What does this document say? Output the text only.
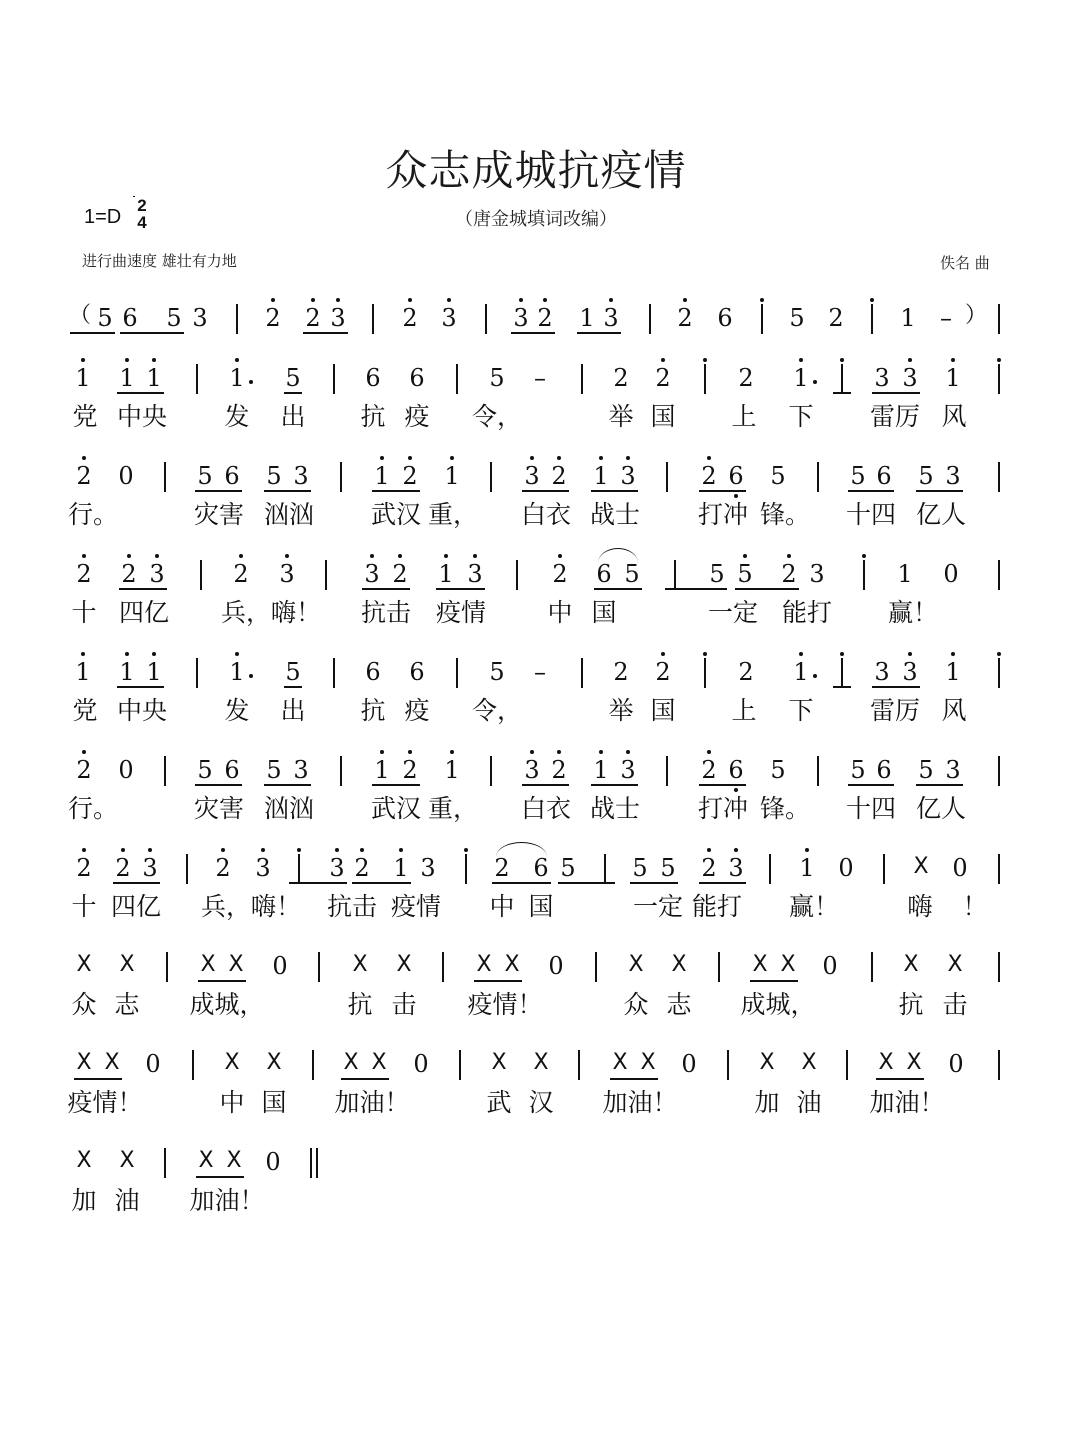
众志成城抗疫情
（唐金城填词改编）
1=D
2
4
进行曲速度 雄壮有力地	佚名 曲
（ 5 6 5 3 2 2 3 2 3 3 2 1 3 2 6 5 2 1 – ）
1 1 1	1 5	6 6	5 –	2 2	2 1	3 3 1
党 中央 发 出 抗 疫 令，	举 国 上 下 雷厉 风
2 0	5 6 5 3	1 2 1	3 2 1 3	2 6 5	5 6 5 3
行。	灾害 汹汹 武汉 重， 白衣 战士 打冲 锋。 十四 亿人
2 2 3	2 3	3 2 1 3	2 6 5	5 5 2 3	1 0
十 四亿 兵，嗨！ 抗击 疫情 中 国	一定 能打 赢！
1 1 1	1 5	6 6	5 –	2 2	2 1	3 3 1
党 中央 发 出 抗 疫 令，	举 国 上 下 雷厉 风
2 0	5 6 5 3	1 2 1	3 2 1 3	2 6 5	5 6 5 3
行。	灾害 汹汹 武汉 重， 白衣 战士 打冲 锋。 十四 亿人
2 2 3 2 3 3 2 1 3 2 6 5 5 5 2 3 1 0	X 0
十 四亿 兵，嗨！ 抗击 疫情 中 国	一定 能打 赢！	嗨 ！
X X	X X 0	X X	X X 0	X X	X X 0	X X
众 志 成城，	抗 击 疫情！	众 志 成城，	抗 击
X X 0	X X	X X 0	X X	X X 0	X X	X X 0
疫情！	中 国 加油！	武 汉 加油！	加 油 加油！
X X	X X 0
加 油 加油！
